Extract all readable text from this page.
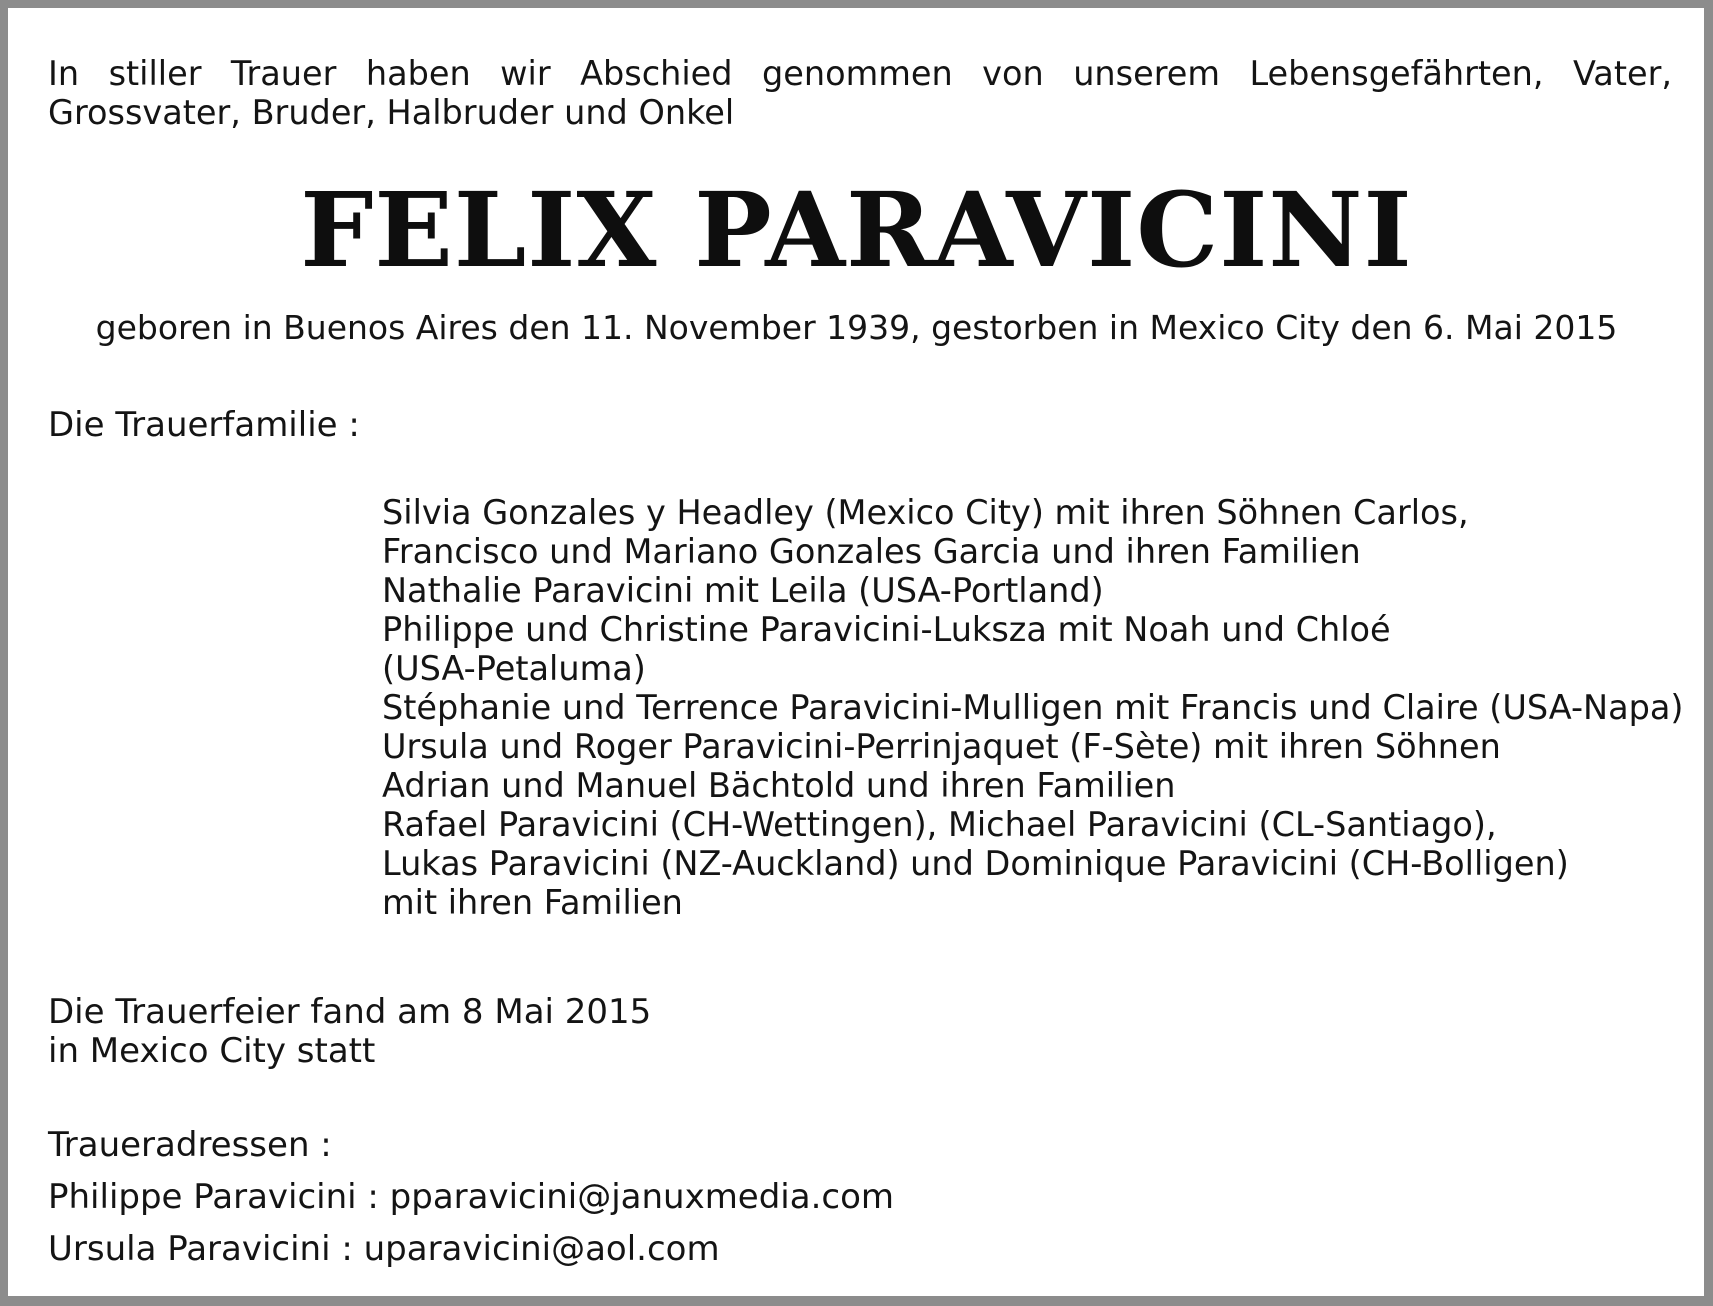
In stiller Trauer haben wir Abschied genommen von unserem Lebensgefährten, Vater, Grossvater, Bruder, Halbruder und Onkel

FELIX PARAVICINI

geboren in Buenos Aires den 11. November 1939, gestorben in Mexico City den 6. Mai 2015

Die Trauerfamilie :

Silvia Gonzales y Headley (Mexico City) mit ihren Söhnen Carlos,
Francisco und Mariano Gonzales Garcia und ihren Familien
Nathalie Paravicini mit Leila (USA-Portland)
Philippe und Christine Paravicini-Luksza mit Noah und Chloé
(USA-Petaluma)
Stéphanie und Terrence Paravicini-Mulligen mit Francis und Claire (USA-Napa)
Ursula und Roger Paravicini-Perrinjaquet (F-Sète) mit ihren Söhnen
Adrian und Manuel Bächtold und ihren Familien
Rafael Paravicini (CH-Wettingen), Michael Paravicini (CL-Santiago),
Lukas Paravicini (NZ-Auckland) und Dominique Paravicini (CH-Bolligen)
mit ihren Familien

Die Trauerfeier fand am 8 Mai 2015

in Mexico City statt

Traueradressen :

Philippe Paravicini : pparavicini@januxmedia.com

Ursula Paravicini : uparavicini@aol.com
